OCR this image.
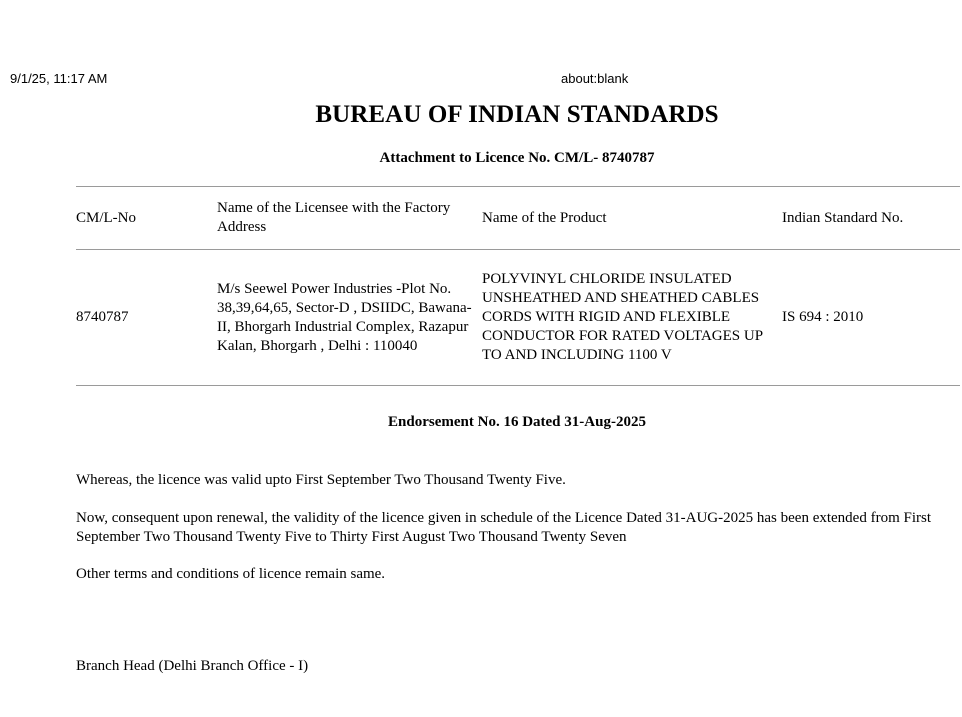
9/1/25, 11:17 AM	about:blank
BUREAU OF INDIAN STANDARDS
Attachment to Licence No. CM/L- 8740787
CM/L-No	Name of the Licensee with the Factory Address	Name of the Product	Indian Standard No.

8740787	M/s Seewel Power Industries -Plot No. 38,39,64,65, Sector-D , DSIIDC, Bawana-II, Bhorgarh Industrial Complex, Razapur Kalan, Bhorgarh , Delhi : 110040	POLYVINYL CHLORIDE INSULATED UNSHEATHED AND SHEATHED CABLES CORDS WITH RIGID AND FLEXIBLE CONDUCTOR FOR RATED VOLTAGES UP TO AND INCLUDING 1100 V	IS 694 : 2010
Endorsement No. 16 Dated 31-Aug-2025
Whereas, the licence was valid upto First September Two Thousand Twenty Five.
Now, consequent upon renewal, the validity of the licence given in schedule of the Licence Dated 31-AUG-2025 has been extended from First September Two Thousand Twenty Five to Thirty First August Two Thousand Twenty Seven
Other terms and conditions of licence remain same.
Branch Head (Delhi Branch Office - I)
